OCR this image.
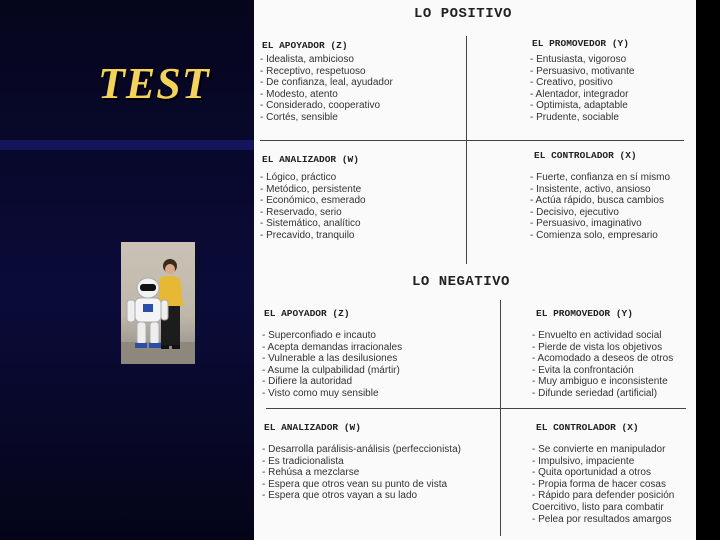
TEST
LO POSITIVO
EL APOYADOR (Z)
- Idealista, ambicioso
- Receptivo, respetuoso
- De confianza, leal, ayudador
- Modesto, atento
- Considerado, cooperativo
- Cortés, sensible
EL PROMOVEDOR (Y)
- Entusiasta, vigoroso
- Persuasivo, motivante
- Creativo, positivo
- Alentador, integrador
- Optimista, adaptable
- Prudente, sociable
EL ANALIZADOR (W)
- Lógico, práctico
- Metódico, persistente
- Económico, esmerado
- Reservado, serio
- Sistemático, analítico
- Precavido, tranquilo
EL CONTROLADOR (X)
- Fuerte, confianza en sí mismo
- Insistente, activo, ansioso
- Actúa rápido, busca cambios
- Decisivo, ejecutivo
- Persuasivo, imaginativo
- Comienza solo, empresario
LO NEGATIVO
EL APOYADOR (Z)
- Superconfiado e incauto
- Acepta demandas irracionales
- Vulnerable a las desilusiones
- Asume la culpabilidad (mártir)
- Difiere la autoridad
- Visto como muy sensible
EL PROMOVEDOR (Y)
- Envuelto en actividad social
- Pierde de vista los objetivos
- Acomodado a deseos de otros
- Evita la confrontación
- Muy ambiguo e inconsistente
- Difunde seriedad (artificial)
EL ANALIZADOR (W)
- Desarrolla parálisis-análisis (perfeccionista)
- Es tradicionalista
- Rehúsa a mezclarse
- Espera que otros vean su punto de vista
- Espera que otros vayan a su lado
EL CONTROLADOR (X)
- Se convierte en manipulador
- Impulsivo, impaciente
- Quita oportunidad a otros
- Propia forma de hacer cosas
- Rápido para defender posición
Coercitivo, listo para combatir
- Pelea por resultados amargos
